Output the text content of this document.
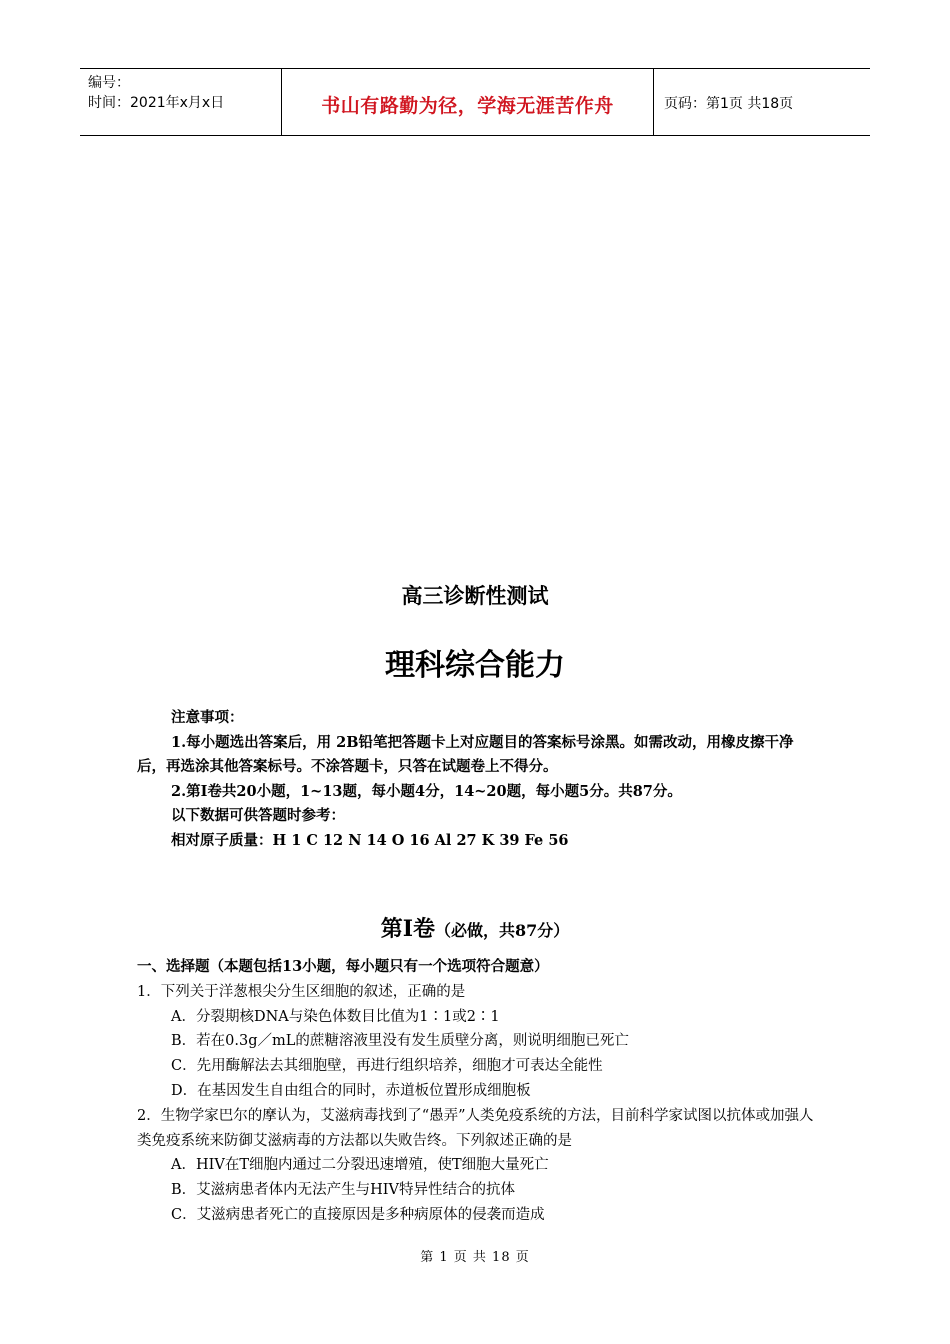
编号：
时间：2021年x月x日	书山有路勤为径，学海无涯苦作舟	页码：第1页 共18页
高三诊断性测试
理科综合能力
注意事项：
1.每小题选出答案后，用 2B铅笔把答题卡上对应题目的答案标号涂黑。如需改动，用橡皮擦干净后，再选涂其他答案标号。不涂答题卡，只答在试题卷上不得分。
2.第Ⅰ卷共20小题，1~13题，每小题4分，14~20题，每小题5分。共87分。
以下数据可供答题时参考：
相对原子质量：H 1 C 12 N 14 O 16 Al 27 K 39 Fe 56
第Ⅰ卷（必做，共87分）
一、选择题（本题包括13小题，每小题只有一个选项符合题意）
1．下列关于洋葱根尖分生区细胞的叙述，正确的是
A．分裂期核DNA与染色体数目比值为1∶1或2∶1
B．若在0.3g／mL的蔗糖溶液里没有发生质壁分离，则说明细胞已死亡
C．先用酶解法去其细胞壁，再进行组织培养，细胞才可表达全能性
D．在基因发生自由组合的同时，赤道板位置形成细胞板
2．生物学家巴尔的摩认为，艾滋病毒找到了“愚弄”人类免疫系统的方法，目前科学家试图以抗体或加强人类免疫系统来防御艾滋病毒的方法都以失败告终。下列叙述正确的是
A．HIV在T细胞内通过二分裂迅速增殖，使T细胞大量死亡
B．艾滋病患者体内无法产生与HIV特异性结合的抗体
C．艾滋病患者死亡的直接原因是多种病原体的侵袭而造成
第 1 页 共 18 页
